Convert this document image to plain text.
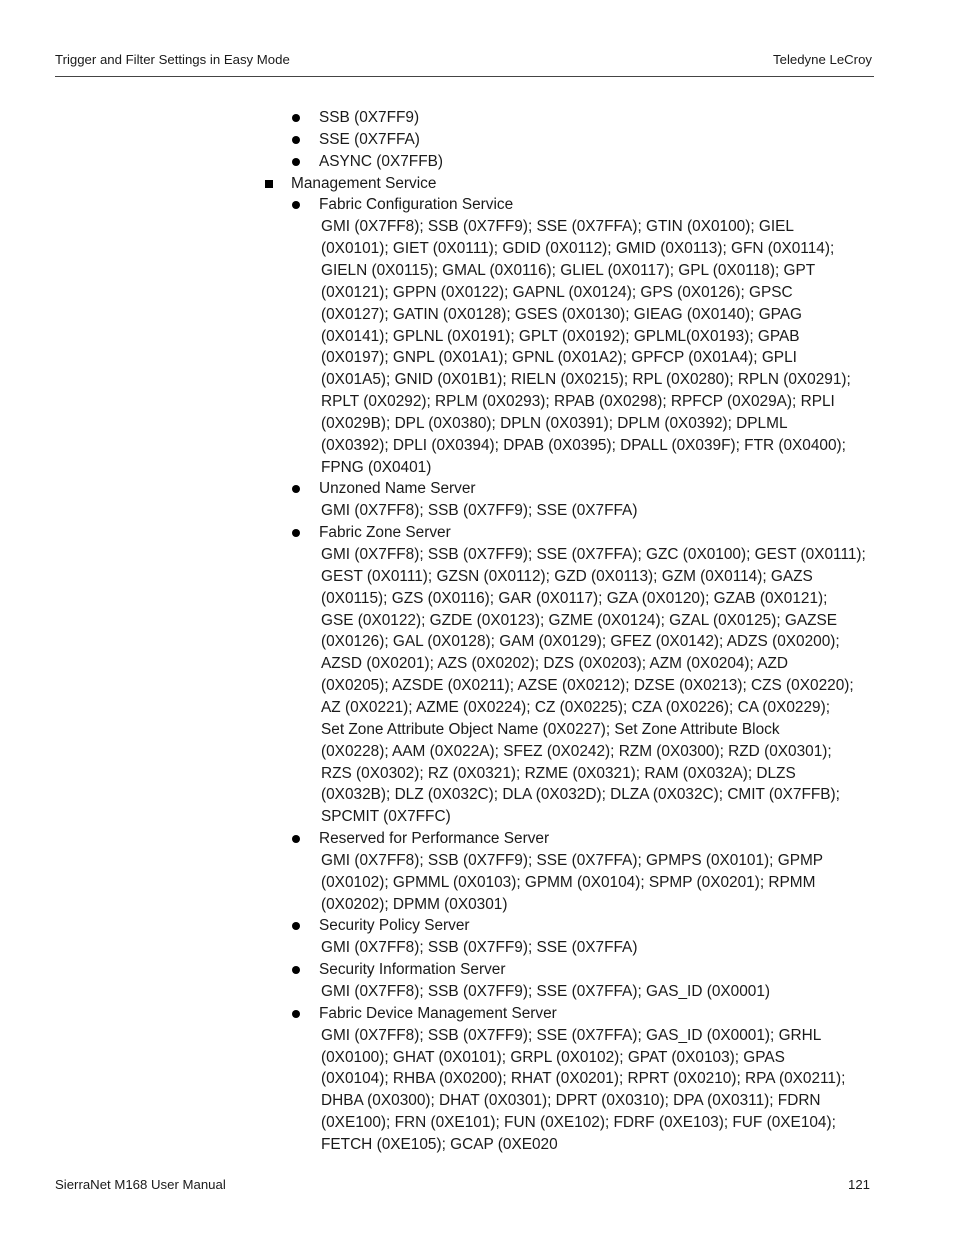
Trigger and Filter Settings in Easy Mode	Teledyne LeCroy
SSB (0X7FF9)
SSE (0X7FFA)
ASYNC (0X7FFB)
Management Service
Fabric Configuration Service
GMI (0X7FF8); SSB (0X7FF9); SSE (0X7FFA); GTIN (0X0100); GIEL
(0X0101); GIET (0X0111); GDID (0X0112); GMID (0X0113); GFN (0X0114);
GIELN (0X0115); GMAL (0X0116); GLIEL (0X0117); GPL (0X0118); GPT
(0X0121); GPPN (0X0122); GAPNL (0X0124); GPS (0X0126); GPSC
(0X0127); GATIN (0X0128); GSES (0X0130); GIEAG (0X0140); GPAG
(0X0141); GPLNL (0X0191); GPLT (0X0192); GPLML(0X0193); GPAB
(0X0197); GNPL (0X01A1); GPNL (0X01A2); GPFCP (0X01A4); GPLI
(0X01A5); GNID (0X01B1); RIELN (0X0215); RPL (0X0280); RPLN (0X0291);
RPLT (0X0292); RPLM (0X0293); RPAB (0X0298); RPFCP (0X029A); RPLI
(0X029B); DPL (0X0380); DPLN (0X0391); DPLM (0X0392); DPLML
(0X0392); DPLI (0X0394); DPAB (0X0395); DPALL (0X039F); FTR (0X0400);
FPNG (0X0401)
Unzoned Name Server
GMI (0X7FF8); SSB (0X7FF9); SSE (0X7FFA)
Fabric Zone Server
GMI (0X7FF8); SSB (0X7FF9); SSE (0X7FFA); GZC (0X0100); GEST (0X0111);
GEST (0X0111); GZSN (0X0112); GZD (0X0113); GZM (0X0114); GAZS
(0X0115); GZS (0X0116); GAR (0X0117); GZA (0X0120); GZAB (0X0121);
GSE (0X0122); GZDE (0X0123); GZME (0X0124); GZAL (0X0125); GAZSE
(0X0126); GAL (0X0128); GAM (0X0129); GFEZ (0X0142); ADZS (0X0200);
AZSD (0X0201); AZS (0X0202); DZS (0X0203); AZM (0X0204); AZD
(0X0205); AZSDE (0X0211); AZSE (0X0212); DZSE (0X0213); CZS (0X0220);
AZ (0X0221); AZME (0X0224); CZ (0X0225); CZA (0X0226); CA (0X0229);
Set Zone Attribute Object Name (0X0227); Set Zone Attribute Block
(0X0228); AAM (0X022A); SFEZ (0X0242); RZM (0X0300); RZD (0X0301);
RZS (0X0302); RZ (0X0321); RZME (0X0321); RAM (0X032A); DLZS
(0X032B); DLZ (0X032C); DLA (0X032D); DLZA (0X032C); CMIT (0X7FFB);
SPCMIT (0X7FFC)
Reserved for Performance Server
GMI (0X7FF8); SSB (0X7FF9); SSE (0X7FFA); GPMPS (0X0101); GPMP
(0X0102); GPMML (0X0103); GPMM (0X0104); SPMP (0X0201); RPMM
(0X0202); DPMM (0X0301)
Security Policy Server
GMI (0X7FF8); SSB (0X7FF9); SSE (0X7FFA)
Security Information Server
GMI (0X7FF8); SSB (0X7FF9); SSE (0X7FFA); GAS_ID (0X0001)
Fabric Device Management Server
GMI (0X7FF8); SSB (0X7FF9); SSE (0X7FFA); GAS_ID (0X0001); GRHL
(0X0100); GHAT (0X0101); GRPL (0X0102); GPAT (0X0103); GPAS
(0X0104); RHBA (0X0200); RHAT (0X0201); RPRT (0X0210); RPA (0X0211);
DHBA (0X0300); DHAT (0X0301); DPRT (0X0310); DPA (0X0311); FDRN
(0XE100); FRN (0XE101); FUN (0XE102); FDRF (0XE103); FUF (0XE104);
FETCH (0XE105); GCAP (0XE020
SierraNet M168 User Manual	121
